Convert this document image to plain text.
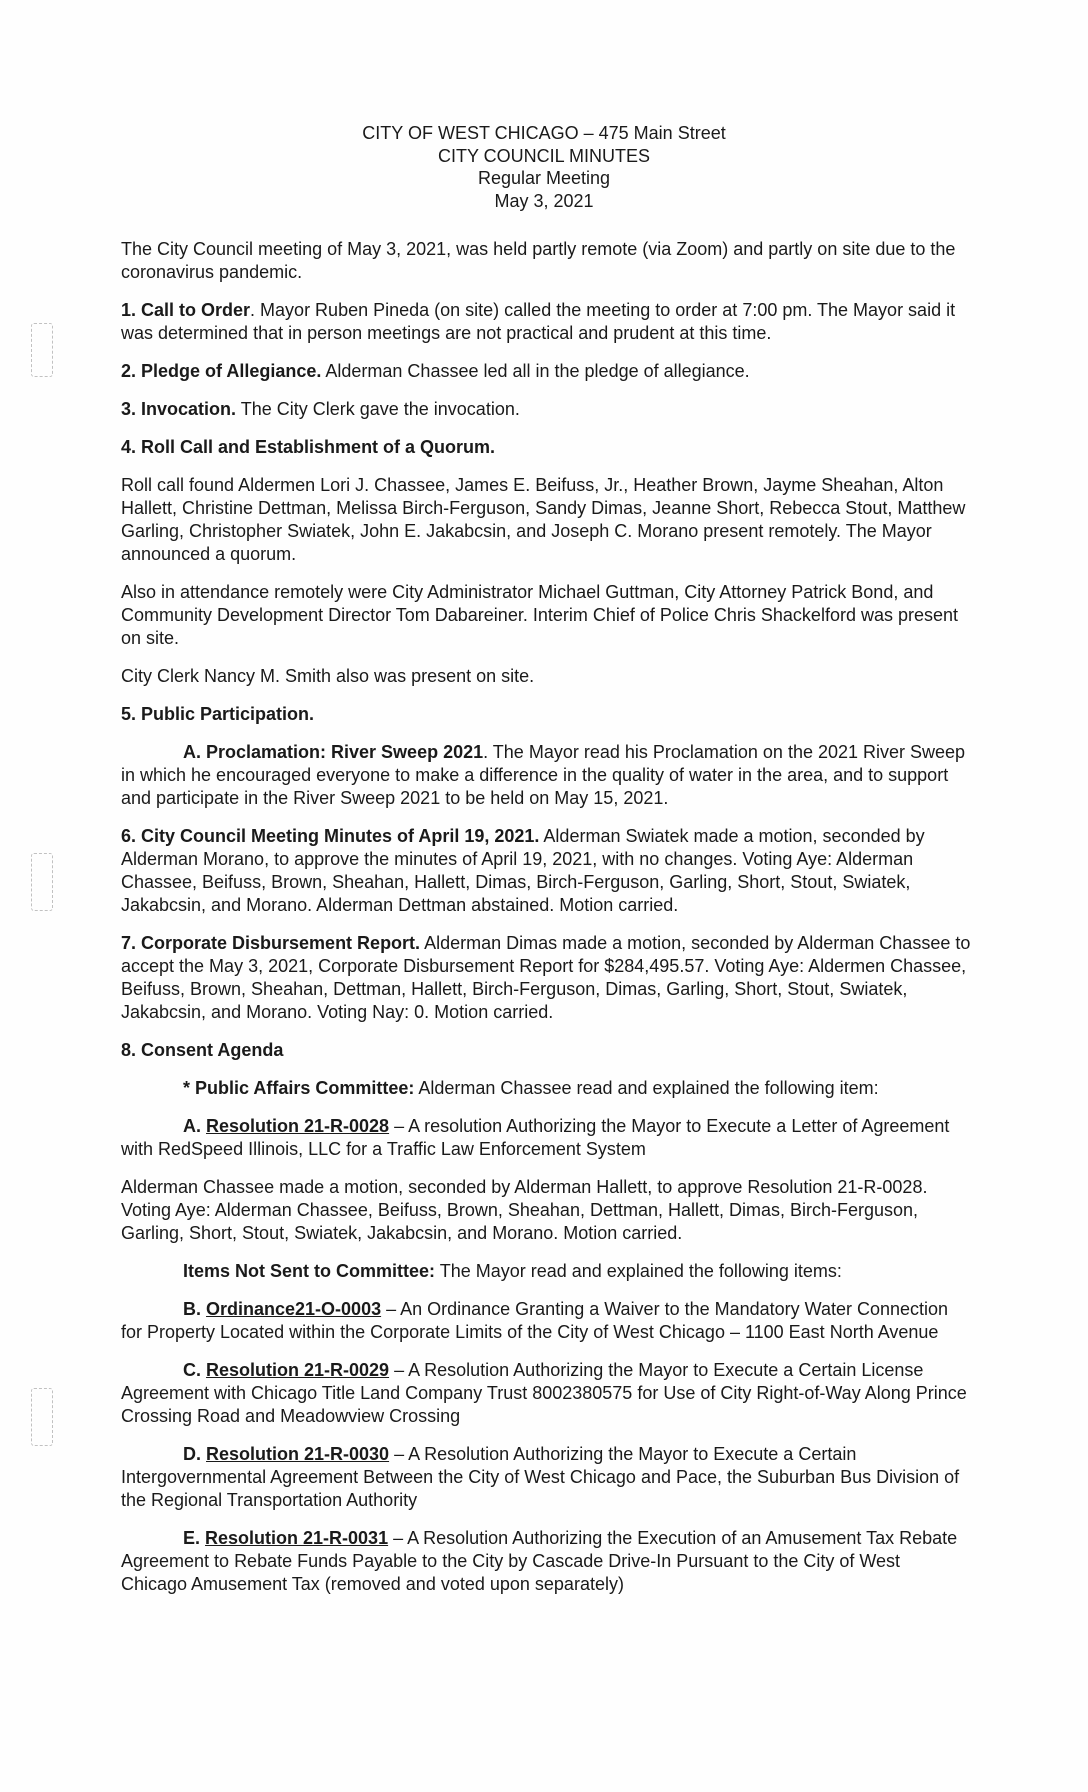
CITY OF WEST CHICAGO – 475 Main Street
CITY COUNCIL MINUTES
Regular Meeting
May 3, 2021

The City Council meeting of May 3, 2021, was held partly remote (via Zoom) and partly on site due to the coronavirus pandemic.

1. Call to Order. Mayor Ruben Pineda (on site) called the meeting to order at 7:00 pm. The Mayor said it was determined that in person meetings are not practical and prudent at this time.

2. Pledge of Allegiance. Alderman Chassee led all in the pledge of allegiance.

3. Invocation. The City Clerk gave the invocation.

4. Roll Call and Establishment of a Quorum.

Roll call found Aldermen Lori J. Chassee, James E. Beifuss, Jr., Heather Brown, Jayme Sheahan, Alton Hallett, Christine Dettman, Melissa Birch-Ferguson, Sandy Dimas, Jeanne Short, Rebecca Stout, Matthew Garling, Christopher Swiatek, John E. Jakabcsin, and Joseph C. Morano present remotely. The Mayor announced a quorum.

Also in attendance remotely were City Administrator Michael Guttman, City Attorney Patrick Bond, and Community Development Director Tom Dabareiner. Interim Chief of Police Chris Shackelford was present on site.

City Clerk Nancy M. Smith also was present on site.

5. Public Participation.

A. Proclamation: River Sweep 2021. The Mayor read his Proclamation on the 2021 River Sweep in which he encouraged everyone to make a difference in the quality of water in the area, and to support and participate in the River Sweep 2021 to be held on May 15, 2021.

6. City Council Meeting Minutes of April 19, 2021. Alderman Swiatek made a motion, seconded by Alderman Morano, to approve the minutes of April 19, 2021, with no changes. Voting Aye: Alderman Chassee, Beifuss, Brown, Sheahan, Hallett, Dimas, Birch-Ferguson, Garling, Short, Stout, Swiatek, Jakabcsin, and Morano. Alderman Dettman abstained. Motion carried.

7. Corporate Disbursement Report. Alderman Dimas made a motion, seconded by Alderman Chassee to accept the May 3, 2021, Corporate Disbursement Report for $284,495.57. Voting Aye: Aldermen Chassee, Beifuss, Brown, Sheahan, Dettman, Hallett, Birch-Ferguson, Dimas, Garling, Short, Stout, Swiatek, Jakabcsin, and Morano. Voting Nay: 0. Motion carried.

8. Consent Agenda

* Public Affairs Committee: Alderman Chassee read and explained the following item:

A. Resolution 21-R-0028 – A resolution Authorizing the Mayor to Execute a Letter of Agreement with RedSpeed Illinois, LLC for a Traffic Law Enforcement System

Alderman Chassee made a motion, seconded by Alderman Hallett, to approve Resolution 21-R-0028. Voting Aye: Alderman Chassee, Beifuss, Brown, Sheahan, Dettman, Hallett, Dimas, Birch-Ferguson, Garling, Short, Stout, Swiatek, Jakabcsin, and Morano. Motion carried.

Items Not Sent to Committee: The Mayor read and explained the following items:

B. Ordinance21-O-0003 – An Ordinance Granting a Waiver to the Mandatory Water Connection for Property Located within the Corporate Limits of the City of West Chicago – 1100 East North Avenue

C. Resolution 21-R-0029 – A Resolution Authorizing the Mayor to Execute a Certain License Agreement with Chicago Title Land Company Trust 8002380575 for Use of City Right-of-Way Along Prince Crossing Road and Meadowview Crossing

D. Resolution 21-R-0030 – A Resolution Authorizing the Mayor to Execute a Certain Intergovernmental Agreement Between the City of West Chicago and Pace, the Suburban Bus Division of the Regional Transportation Authority

E. Resolution 21-R-0031 – A Resolution Authorizing the Execution of an Amusement Tax Rebate Agreement to Rebate Funds Payable to the City by Cascade Drive-In Pursuant to the City of West Chicago Amusement Tax (removed and voted upon separately)
